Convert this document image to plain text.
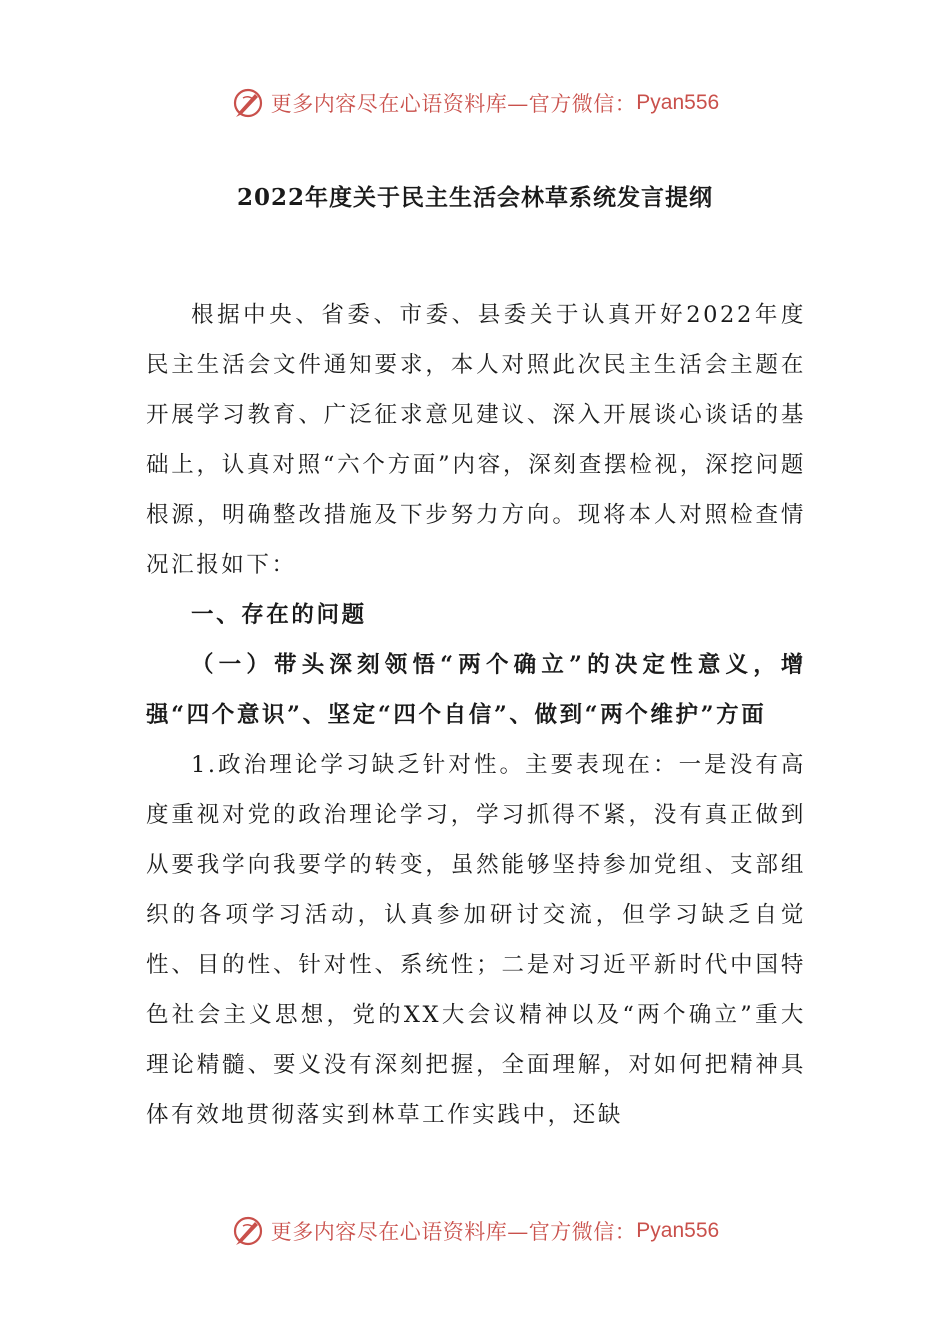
更多内容尽在心语资料库—官方微信： Pyan556
2022年度关于民主生活会林草系统发言提纲

根据中央、省委、市委、县委关于认真开好2022年度民主生活会文件通知要求，本人对照此次民主生活会主题在开展学习教育、广泛征求意见建议、深入开展谈心谈话的基础上，认真对照“六个方面”内容，深刻查摆检视，深挖问题根源，明确整改措施及下步努力方向。现将本人对照检查情况汇报如下：

一、存在的问题

（一）带头深刻领悟“两个确立”的决定性意义，增强“四个意识”、坚定“四个自信”、做到“两个维护”方面

1.政治理论学习缺乏针对性。主要表现在：一是没有高度重视对党的政治理论学习，学习抓得不紧，没有真正做到从要我学向我要学的转变，虽然能够坚持参加党组、支部组织的各项学习活动，认真参加研讨交流，但学习缺乏自觉性、目的性、针对性、系统性；二是对习近平新时代中国特色社会主义思想，党的XX大会议精神以及“两个确立”重大理论精髓、要义没有深刻把握，全面理解，对如何把精神具体有效地贯彻落实到林草工作实践中，还缺

更多内容尽在心语资料库—官方微信： Pyan556
